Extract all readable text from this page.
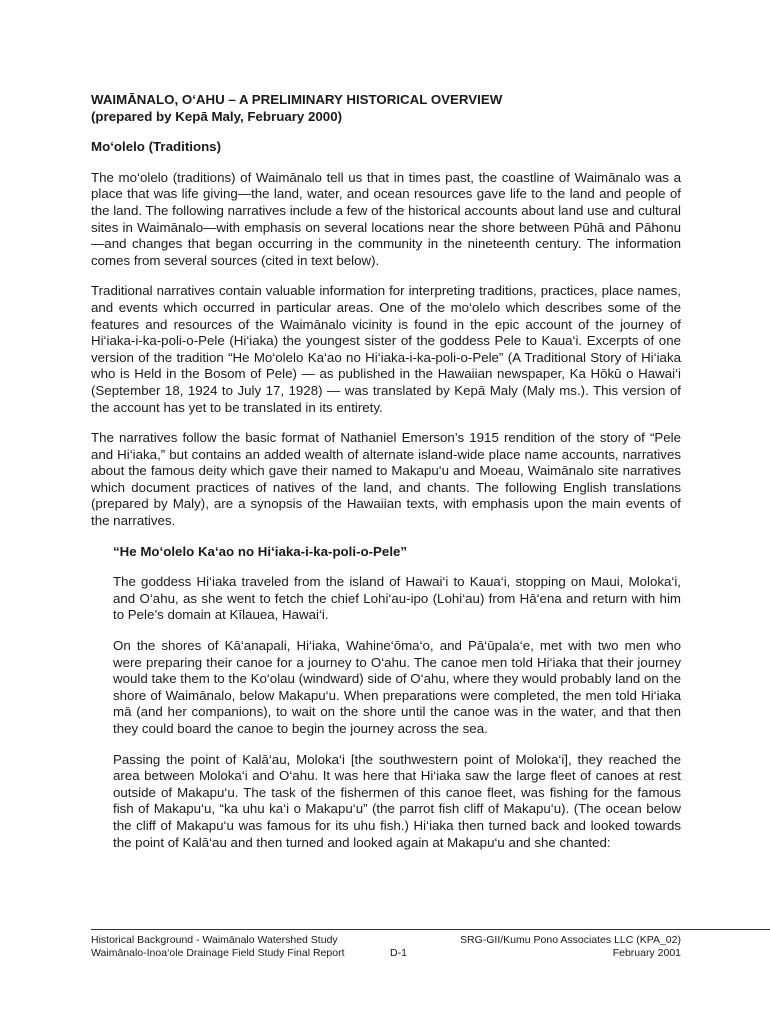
WAIMĀNALO, O‘AHU – A PRELIMINARY HISTORICAL OVERVIEW

(prepared by Kepā Maly, February 2000)

Mo‘olelo (Traditions)

The mo‘olelo (traditions) of Waimānalo tell us that in times past, the coastline of Waimānalo was a place that was life giving—the land, water, and ocean resources gave life to the land and people of the land. The following narratives include a few of the historical accounts about land use and cultural sites in Waimānalo—with emphasis on several locations near the shore between Pūhā and Pāhonu—and changes that began occurring in the community in the nineteenth century. The information comes from several sources (cited in text below).

Traditional narratives contain valuable information for interpreting traditions, practices, place names, and events which occurred in particular areas. One of the mo‘olelo which describes some of the features and resources of the Waimānalo vicinity is found in the epic account of the journey of Hi‘iaka-i-ka-poli-o-Pele (Hi‘iaka) the youngest sister of the goddess Pele to Kaua‘i. Excerpts of one version of the tradition “He Mo‘olelo Ka‘ao no Hi‘iaka-i-ka-poli-o-Pele” (A Traditional Story of Hi‘iaka who is Held in the Bosom of Pele) — as published in the Hawaiian newspaper, Ka Hōkū o Hawai‘i (September 18, 1924 to July 17, 1928) — was translated by Kepā Maly (Maly ms.). This version of the account has yet to be translated in its entirety.

The narratives follow the basic format of Nathaniel Emerson’s 1915 rendition of the story of “Pele and Hi‘iaka,” but contains an added wealth of alternate island-wide place name accounts, narratives about the famous deity which gave their named to Makapu‘u and Moeau, Waimānalo site narratives which document practices of natives of the land, and chants. The following English translations (prepared by Maly), are a synopsis of the Hawaiian texts, with emphasis upon the main events of the narratives.

“He Mo‘olelo Ka‘ao no Hi‘iaka-i-ka-poli-o-Pele”

The goddess Hi‘iaka traveled from the island of Hawai‘i to Kaua‘i, stopping on Maui, Moloka‘i, and O‘ahu, as she went to fetch the chief Lohi‘au-ipo (Lohi‘au) from Hā‘ena and return with him to Pele’s domain at Kīlauea, Hawai‘i.

On the shores of Kā‘anapali, Hi‘iaka, Wahine‘ōma‘o, and Pā‘ūpala‘e, met with two men who were preparing their canoe for a journey to O‘ahu. The canoe men told Hi‘iaka that their journey would take them to the Ko‘olau (windward) side of O‘ahu, where they would probably land on the shore of Waimānalo, below Makapu‘u. When preparations were completed, the men told Hi‘iaka mā (and her companions), to wait on the shore until the canoe was in the water, and that then they could board the canoe to begin the journey across the sea.

Passing the point of Kalā‘au, Moloka‘i [the southwestern point of Moloka‘i], they reached the area between Moloka‘i and O‘ahu. It was here that Hi‘iaka saw the large fleet of canoes at rest outside of Makapu‘u. The task of the fishermen of this canoe fleet, was fishing for the famous fish of Makapu‘u, “ka uhu ka‘i o Makapu‘u” (the parrot fish cliff of Makapu‘u). (The ocean below the cliff of Makapu‘u was famous for its uhu fish.) Hi‘iaka then turned back and looked towards the point of Kalā‘au and then turned and looked again at Makapu‘u and she chanted:

Historical Background - Waimānalo Watershed Study
Waimānalo-Inoa‘ole Drainage Field Study Final Report	D-1
SRG-GII/Kumu Pono Associates LLC (KPA_02)
February 2001
